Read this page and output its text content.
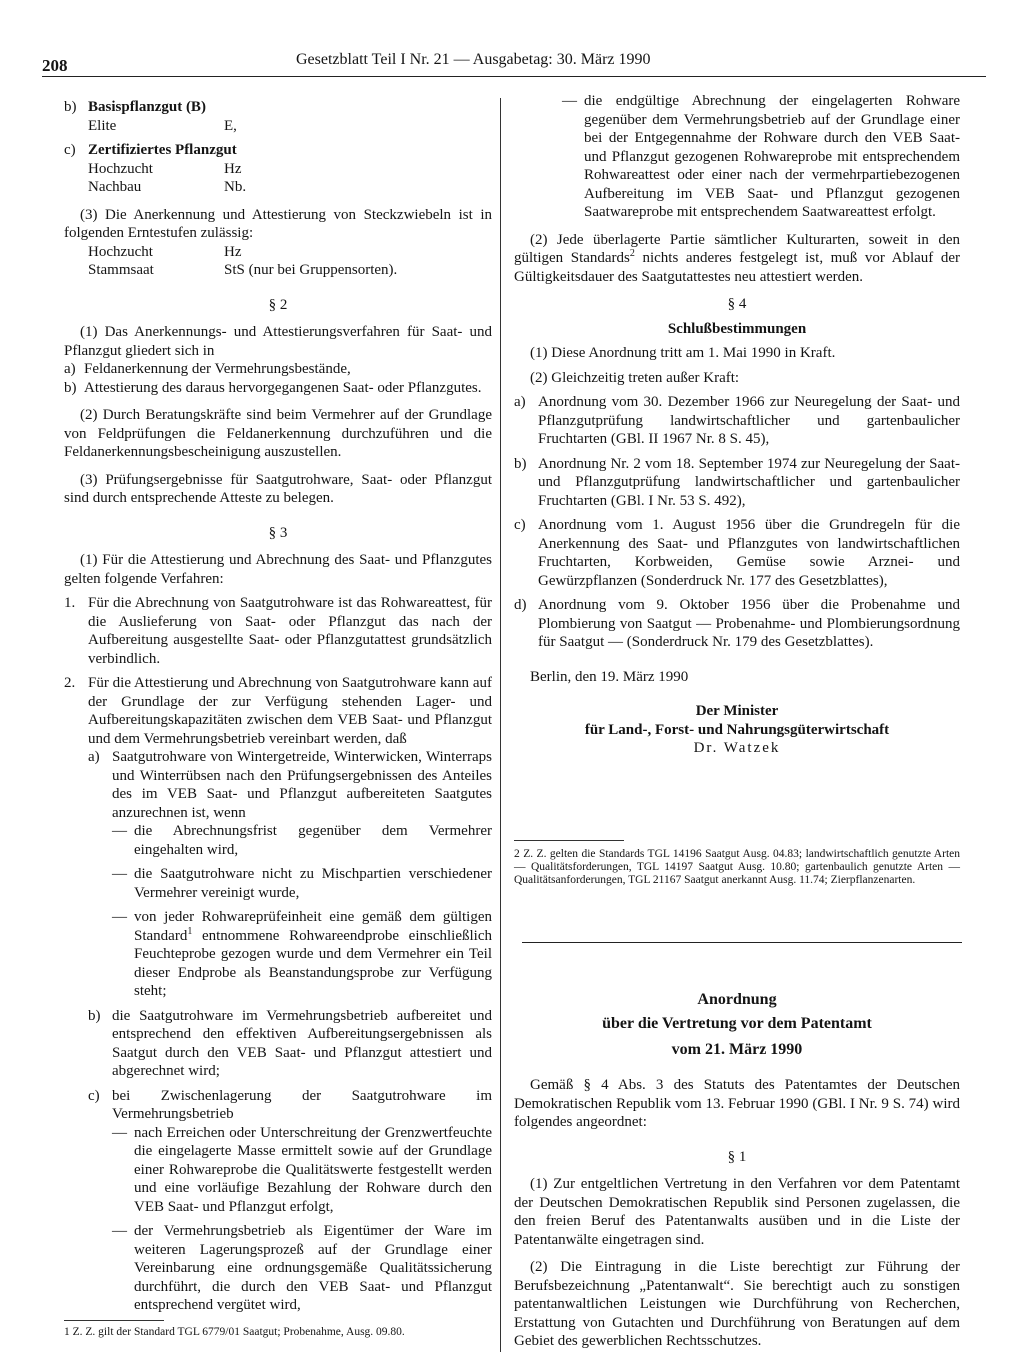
208	Gesetzblatt Teil I Nr. 21 — Ausgabetag: 30. März 1990
b) Basispflanzgut (B)
Elite	E,
c) Zertifiziertes Pflanzgut
Hochzucht	Hz
Nachbau	Nb.

(3) Die Anerkennung und Attestierung von Steckzwiebeln ist in folgenden Erntestufen zulässig:

Hochzucht	Hz
Stammsaat	StS (nur bei Gruppensorten).

§ 2

(1) Das Anerkennungs- und Attestierungsverfahren für Saat- und Pflanzgut gliedert sich in

a) Feldanerkennung der Vermehrungsbestände,
b) Attestierung des daraus hervorgegangenen Saat- oder Pflanzgutes.

(2) Durch Beratungskräfte sind beim Vermehrer auf der Grundlage von Feldprüfungen die Feldanerkennung durchzuführen und die Feldanerkennungsbescheinigung auszustellen.

(3) Prüfungsergebnisse für Saatgutrohware, Saat- oder Pflanzgut sind durch entsprechende Atteste zu belegen.

§ 3

(1) Für die Attestierung und Abrechnung des Saat- und Pflanzgutes gelten folgende Verfahren:

1. Für die Abrechnung von Saatgutrohware ist das Rohwareattest, für die Auslieferung von Saat- oder Pflanzgut das nach der Aufbereitung ausgestellte Saat- oder Pflanzgutattest grundsätzlich verbindlich.
2. Für die Attestierung und Abrechnung von Saatgutrohware kann auf der Grundlage der zur Verfügung stehenden Lager- und Aufbereitungskapazitäten zwischen dem VEB Saat- und Pflanzgut und dem Vermehrungsbetrieb vereinbart werden, daß
a) Saatgutrohware von Wintergetreide, Winterwicken, Winterraps und Winterrübsen nach den Prüfungsergebnissen des Anteiles des im VEB Saat- und Pflanzgut aufbereiteten Saatgutes anzurechnen ist, wenn
— die Abrechnungsfrist gegenüber dem Vermehrer eingehalten wird,
— die Saatgutrohware nicht zu Mischpartien verschiedener Vermehrer vereinigt wurde,
— von jeder Rohwareprüfeinheit eine gemäß dem gültigen Standard$^1$ entnommene Rohwareendprobe einschließlich Feuchteprobe gezogen wurde und dem Vermehrer ein Teil dieser Endprobe als Beanstandungsprobe zur Verfügung steht;
b) die Saatgutrohware im Vermehrungsbetrieb aufbereitet und entsprechend den effektiven Aufbereitungsergebnissen als Saatgut durch den VEB Saat- und Pflanzgut attestiert und abgerechnet wird;
c) bei Zwischenlagerung der Saatgutrohware im Vermehrungsbetrieb
— nach Erreichen oder Unterschreitung der Grenzwertfeuchte die eingelagerte Masse ermittelt sowie auf der Grundlage einer Rohwareprobe die Qualitätswerte festgestellt werden und eine vorläufige Bezahlung der Rohware durch den VEB Saat- und Pflanzgut erfolgt,
— der Vermehrungsbetrieb als Eigentümer der Ware im weiteren Lagerungsprozeß auf der Grundlage einer Vereinbarung eine ordnungsgemäße Qualitätssicherung durchführt, die durch den VEB Saat- und Pflanzgut entsprechend vergütet wird,
1 Z. Z. gilt der Standard TGL 6779/01 Saatgut; Probenahme, Ausg. 09.80.
— die endgültige Abrechnung der eingelagerten Rohware gegenüber dem Vermehrungsbetrieb auf der Grundlage einer bei der Entgegennahme der Rohware durch den VEB Saat- und Pflanzgut gezogenen Rohwareprobe mit entsprechendem Rohwareattest oder einer nach der vermehrpartiebezogenen Aufbereitung im VEB Saat- und Pflanzgut gezogenen Saatwareprobe mit entsprechendem Saatwareattest erfolgt.

(2) Jede überlagerte Partie sämtlicher Kulturarten, soweit in den gültigen Standards$^2$ nichts anderes festgelegt ist, muß vor Ablauf der Gültigkeitsdauer des Saatgutattestes neu attestiert werden.

§ 4

Schlußbestimmungen

(1) Diese Anordnung tritt am 1. Mai 1990 in Kraft.

(2) Gleichzeitig treten außer Kraft:

a) Anordnung vom 30. Dezember 1966 zur Neuregelung der Saat- und Pflanzgutprüfung landwirtschaftlicher und gartenbaulicher Fruchtarten (GBl. II 1967 Nr. 8 S. 45),
b) Anordnung Nr. 2 vom 18. September 1974 zur Neuregelung der Saat- und Pflanzgutprüfung landwirtschaftlicher und gartenbaulicher Fruchtarten (GBl. I Nr. 53 S. 492),
c) Anordnung vom 1. August 1956 über die Grundregeln für die Anerkennung des Saat- und Pflanzgutes von landwirtschaftlichen Fruchtarten, Korbweiden, Gemüse sowie Arznei- und Gewürzpflanzen (Sonderdruck Nr. 177 des Gesetzblattes),
d) Anordnung vom 9. Oktober 1956 über die Probenahme und Plombierung von Saatgut — Probenahme- und Plombierungsordnung für Saatgut — (Sonderdruck Nr. 179 des Gesetzblattes).

Berlin, den 19. März 1990

Der Minister

für Land-, Forst- und Nahrungsgüterwirtschaft

Dr. Watzek

2 Z. Z. gelten die Standards TGL 14196 Saatgut Ausg. 04.83; landwirtschaftlich genutzte Arten — Qualitätsforderungen, TGL 14197 Saatgut Ausg. 10.80; gartenbaulich genutzte Arten — Qualitätsanforderungen, TGL 21167 Saatgut anerkannt Ausg. 11.74; Zierpflanzenarten.

Anordnung

über die Vertretung vor dem Patentamt

vom 21. März 1990

Gemäß § 4 Abs. 3 des Statuts des Patentamtes der Deutschen Demokratischen Republik vom 13. Februar 1990 (GBl. I Nr. 9 S. 74) wird folgendes angeordnet:

§ 1

(1) Zur entgeltlichen Vertretung in den Verfahren vor dem Patentamt der Deutschen Demokratischen Republik sind Personen zugelassen, die den freien Beruf des Patentanwalts ausüben und in die Liste der Patentanwälte eingetragen sind.

(2) Die Eintragung in die Liste berechtigt zur Führung der Berufsbezeichnung „Patentanwalt“. Sie berechtigt auch zu sonstigen patentanwaltlichen Leistungen wie Durchführung von Recherchen, Erstattung von Gutachten und Durchführung von Beratungen auf dem Gebiet des gewerblichen Rechtsschutzes.
